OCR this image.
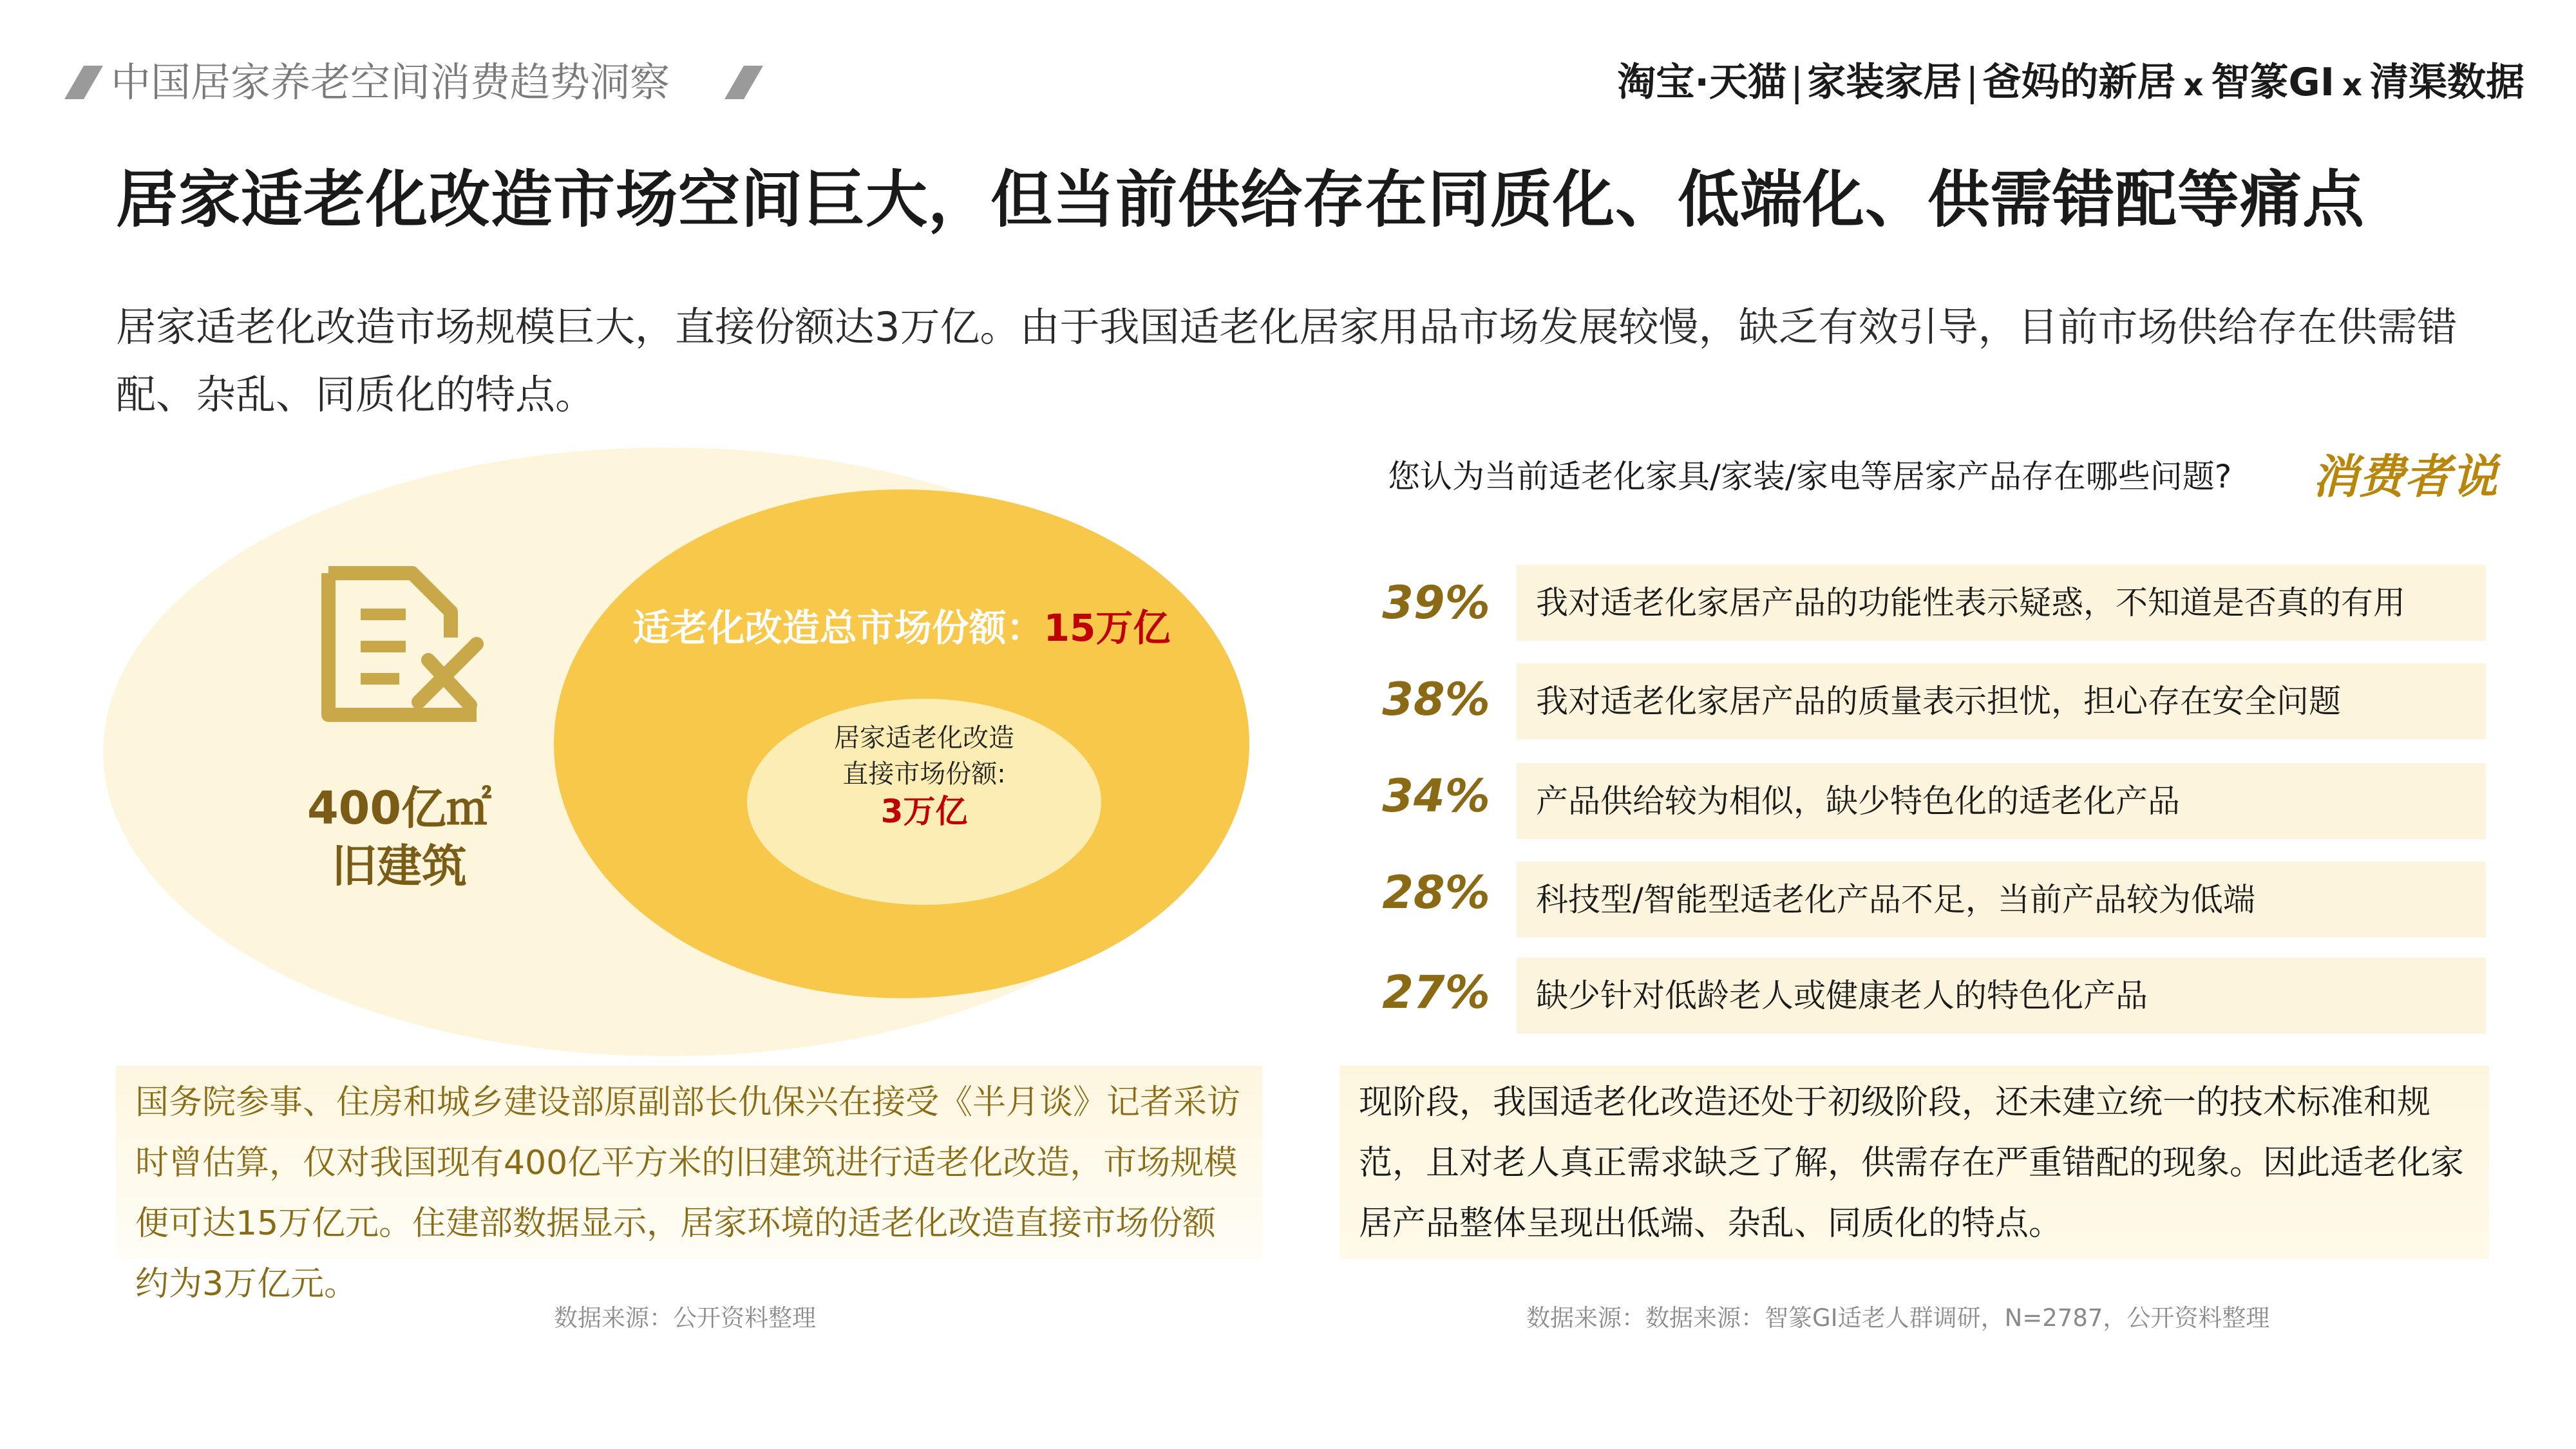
中国居家养老空间消费趋势洞察	淘宝·天猫 | 家装家居 | 爸妈的新居 x 智篆GI x 清渠数据
居家适老化改造市场空间巨大，但当前供给存在同质化、低端化、供需错配等痛点
居家适老化改造市场规模巨大，直接份额达3万亿。由于我国适老化居家用品市场发展较慢，缺乏有效引导，目前市场供给存在供需错配、杂乱、同质化的特点。
400亿㎡
旧建筑
适老化改造总市场份额：15万亿
居家适老化改造
直接市场份额:
3万亿
您认为当前适老化家具/家装/家电等居家产品存在哪些问题? 消费者说
39%	我对适老化家居产品的功能性表示疑惑，不知道是否真的有用
38%	我对适老化家居产品的质量表示担忧，担心存在安全问题
34%	产品供给较为相似，缺少特色化的适老化产品
28%	科技型/智能型适老化产品不足，当前产品较为低端
27%	缺少针对低龄老人或健康老人的特色化产品
国务院参事、住房和城乡建设部原副部长仇保兴在接受《半月谈》记者采访时曾估算，仅对我国现有400亿平方米的旧建筑进行适老化改造，市场规模便可达15万亿元。住建部数据显示，居家环境的适老化改造直接市场份额约为3万亿元。
现阶段，我国适老化改造还处于初级阶段，还未建立统一的技术标准和规范，且对老人真正需求缺乏了解，供需存在严重错配的现象。因此适老化家居产品整体呈现出低端、杂乱、同质化的特点。
数据来源：公开资料整理	数据来源：数据来源：智篆GI适老人群调研，N=2787，公开资料整理
